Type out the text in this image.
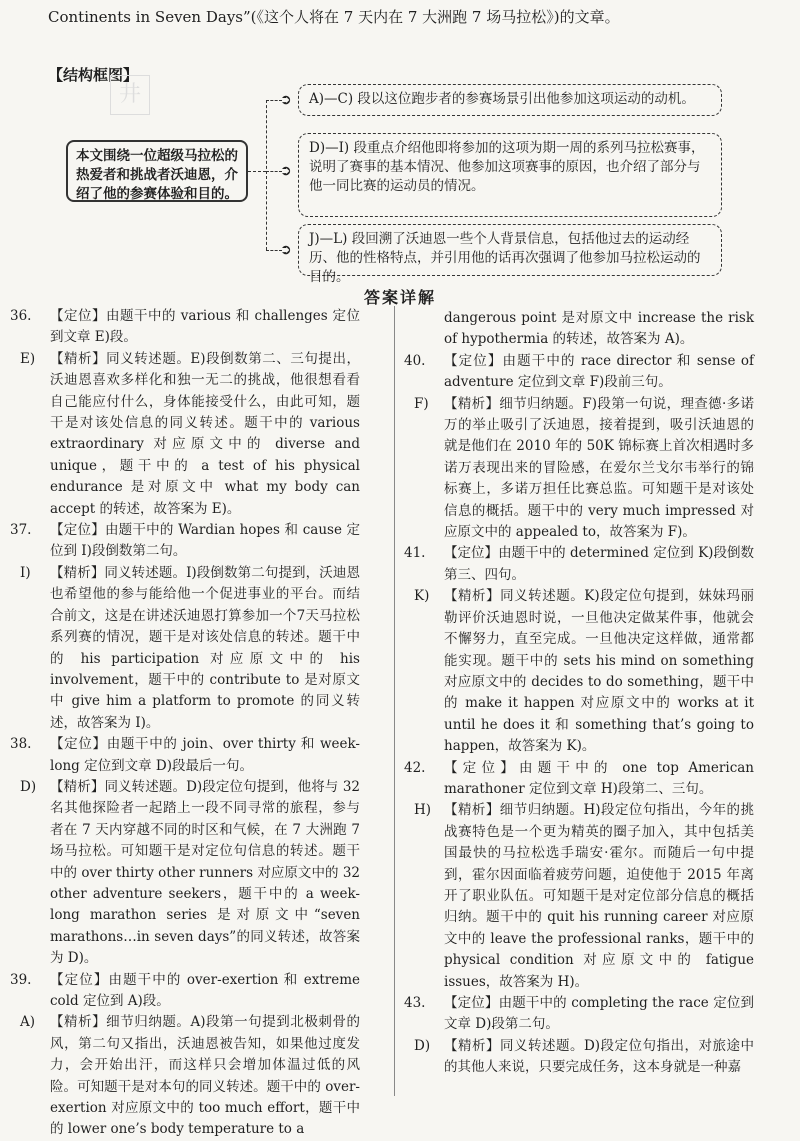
Continents in Seven Days”(《这个人将在 7 天内在 7 大洲跑 7 场马拉松》)的文章。
【结构框图】
井
本文围绕一位超级马拉松的热爱者和挑战者沃迪恩，介绍了他的参赛体验和目的。
➲
➲
➲
A)—C) 段以这位跑步者的参赛场景引出他参加这项运动的动机。
D)—I) 段重点介绍他即将参加的这项为期一周的系列马拉松赛事，说明了赛事的基本情况、他参加这项赛事的原因，也介绍了部分与他一同比赛的运动员的情况。
J)—L) 段回溯了沃迪恩一些个人背景信息，包括他过去的运动经历、他的性格特点，并引用他的话再次强调了他参加马拉松运动的目的。
答案详解

36. 【定位】由题干中的 various 和 challenges 定位到文章 E)段。

E) 【精析】同义转述题。E)段倒数第二、三句提出，沃迪恩喜欢多样化和独一无二的挑战，他很想看看自己能应付什么，身体能接受什么，由此可知，题干是对该处信息的同义转述。题干中的 various extraordinary 对应原文中的 diverse and unique，题干中的 a test of his physical endurance 是对原文中 what my body can accept 的转述，故答案为 E)。

37. 【定位】由题干中的 Wardian hopes 和 cause 定位到 I)段倒数第二句。

I) 【精析】同义转述题。I)段倒数第二句提到，沃迪恩也希望他的参与能给他一个促进事业的平台。而结合前文，这是在讲述沃迪恩打算参加一个7天马拉松系列赛的情况，题干是对该处信息的转述。题干中的 his participation 对应原文中的 his involvement，题干中的 contribute to 是对原文中 give him a platform to promote 的同义转述，故答案为 I)。

38. 【定位】由题干中的 join、over thirty 和 week-long 定位到文章 D)段最后一句。

D) 【精析】同义转述题。D)段定位句提到，他将与 32 名其他探险者一起踏上一段不同寻常的旅程，参与者在 7 天内穿越不同的时区和气候，在 7 大洲跑 7 场马拉松。可知题干是对定位句信息的转述。题干中的 over thirty other runners 对应原文中的 32 other adventure seekers，题干中的 a week-long marathon series 是对原文中“seven marathons…in seven days”的同义转述，故答案为 D)。

39. 【定位】由题干中的 over-exertion 和 extreme cold 定位到 A)段。

A) 【精析】细节归纳题。A)段第一句提到北极刺骨的风，第二句又指出，沃迪恩被告知，如果他过度发力，会开始出汗，而这样只会增加体温过低的风险。可知题干是对本句的同义转述。题干中的 over-exertion 对应原文中的 too much effort，题干中的 lower one’s body temperature to a

dangerous point 是对原文中 increase the risk of hypothermia 的转述，故答案为 A)。

40. 【定位】由题干中的 race director 和 sense of adventure 定位到文章 F)段前三句。

F) 【精析】细节归纳题。F)段第一句说，理查德·多诺万的举止吸引了沃迪恩，接着提到，吸引沃迪恩的就是他们在 2010 年的 50K 锦标赛上首次相遇时多诺万表现出来的冒险感，在爱尔兰戈尔韦举行的锦标赛上，多诺万担任比赛总监。可知题干是对该处信息的概括。题干中的 very much impressed 对应原文中的 appealed to，故答案为 F)。

41. 【定位】由题干中的 determined 定位到 K)段倒数第三、四句。

K) 【精析】同义转述题。K)段定位句提到，妹妹玛丽勒评价沃迪恩时说，一旦他决定做某件事，他就会不懈努力，直至完成。一旦他决定这样做，通常都能实现。题干中的 sets his mind on something 对应原文中的 decides to do something，题干中的 make it happen 对应原文中的 works at it until he does it 和 something that’s going to happen，故答案为 K)。

42. 【定位】由题干中的 one top American marathoner 定位到文章 H)段第二、三句。

H) 【精析】细节归纳题。H)段定位句指出，今年的挑战赛特色是一个更为精英的圈子加入，其中包括美国最快的马拉松选手瑞安·霍尔。而随后一句中提到，霍尔因面临着疲劳问题，迫使他于 2015 年离开了职业队伍。可知题干是对定位部分信息的概括归纳。题干中的 quit his running career 对应原文中的 leave the professional ranks，题干中的 physical condition 对应原文中的 fatigue issues，故答案为 H)。

43. 【定位】由题干中的 completing the race 定位到文章 D)段第二句。

D) 【精析】同义转述题。D)段定位句指出，对旅途中的其他人来说，只要完成任务，这本身就是一种嘉
